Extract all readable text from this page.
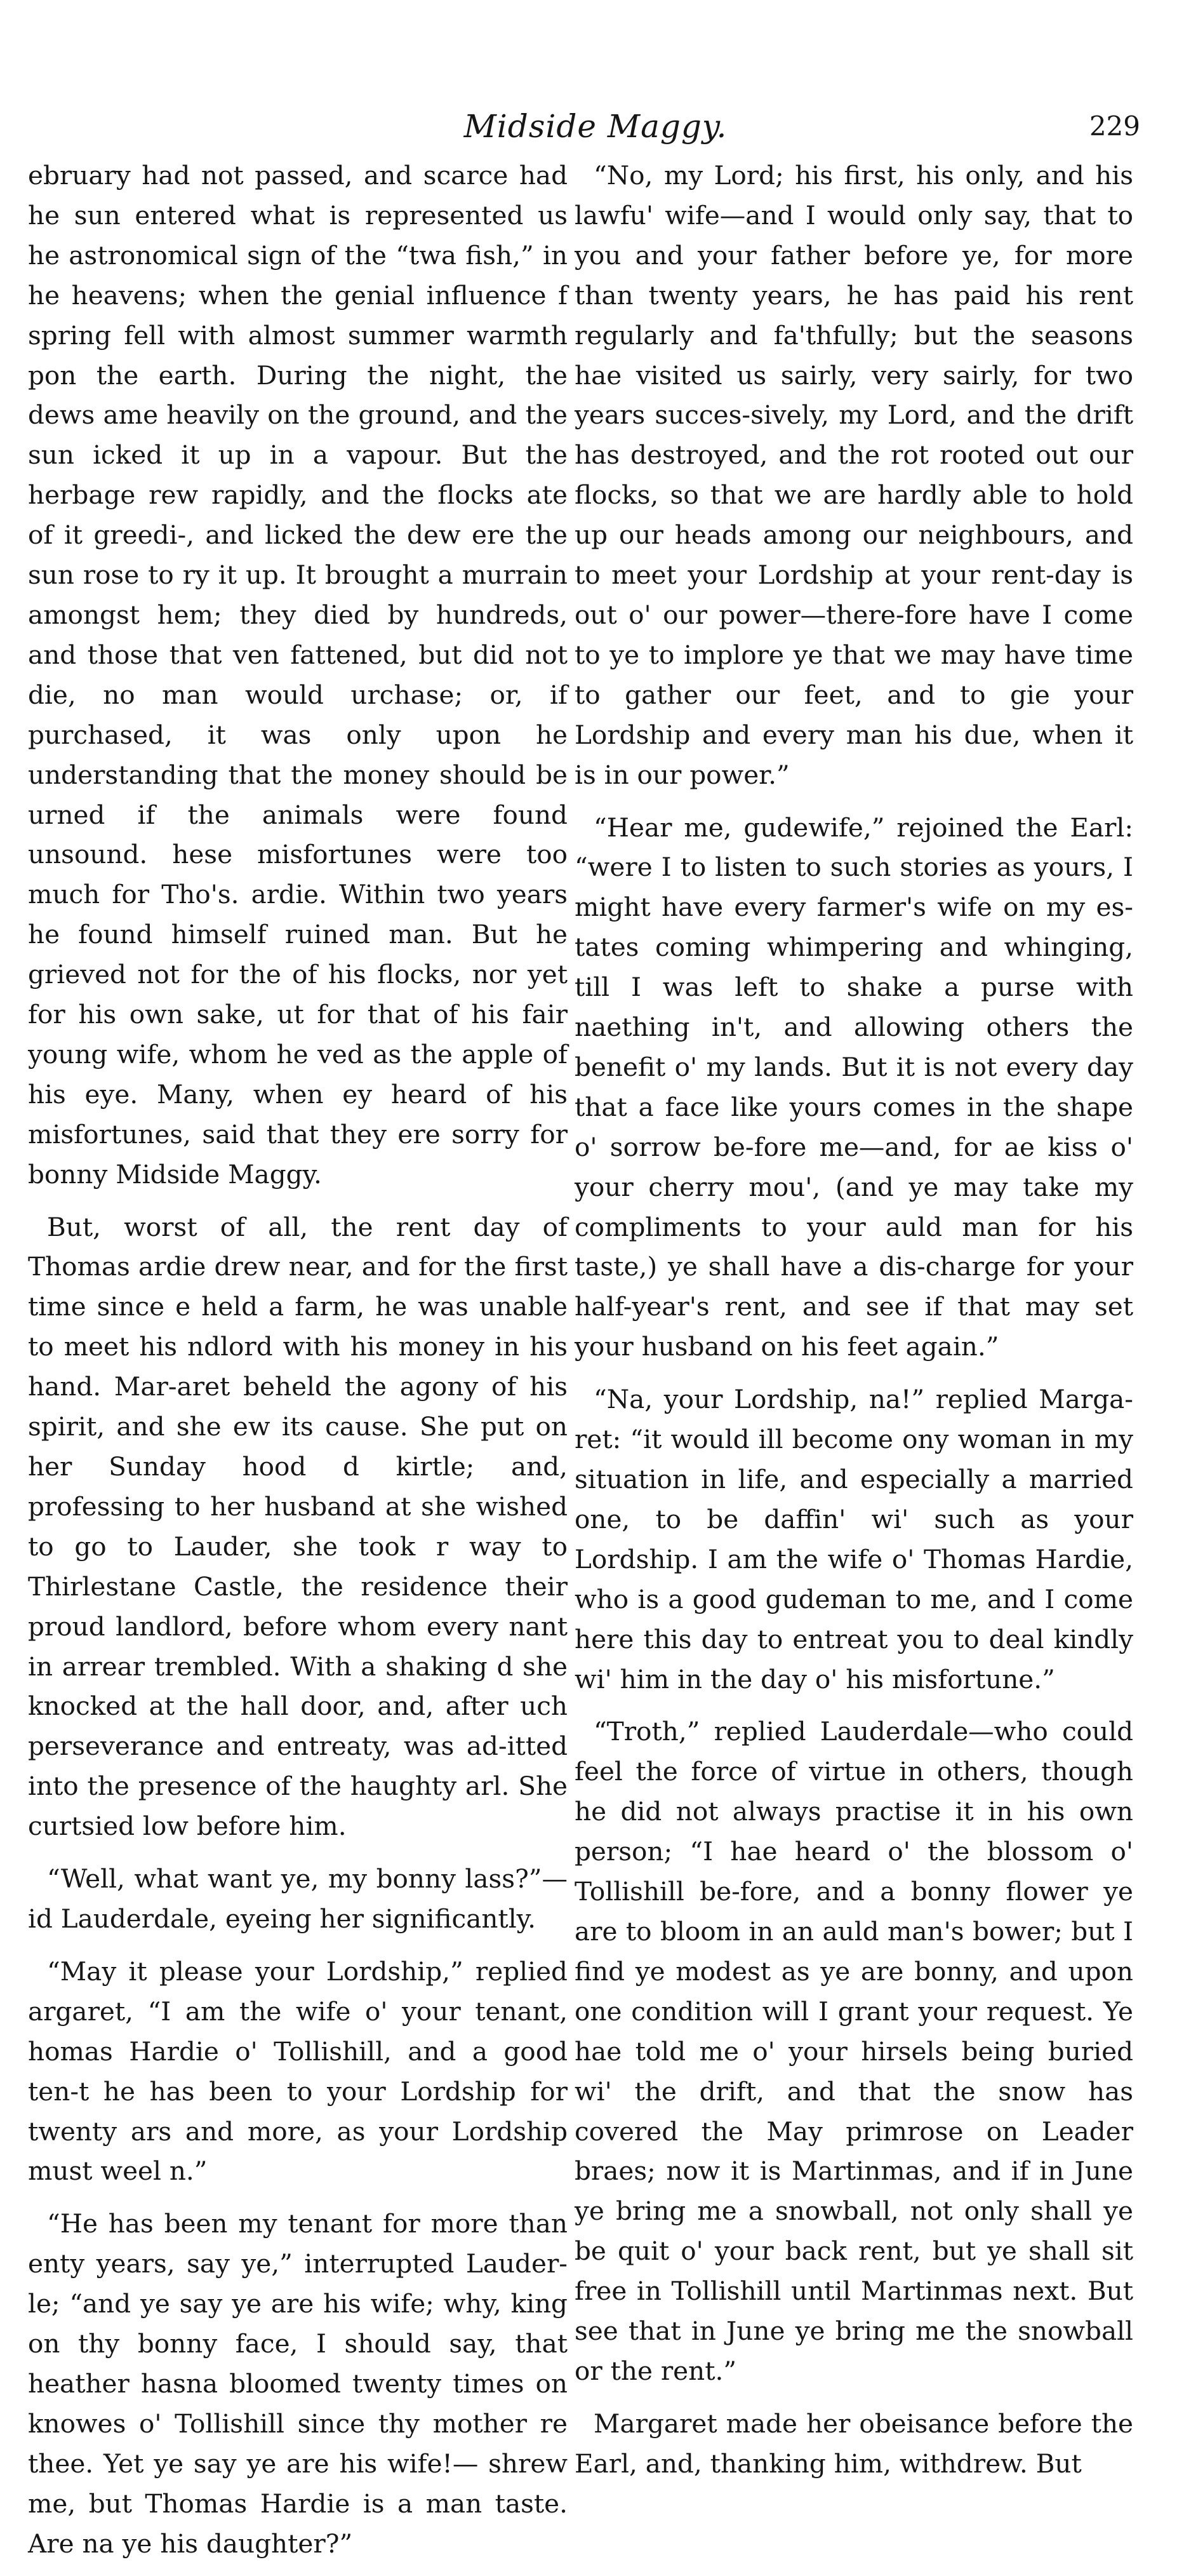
Midside Maggy.	229

ebruary had not passed, and scarce had he sun entered what is represented us he astronomical sign of the “twa fish,” in he heavens; when the genial influence f spring fell with almost summer warmth pon the earth. During the night, the dews ame heavily on the ground, and the sun icked it up in a vapour. But the herbage rew rapidly, and the flocks ate of it greedi-, and licked the dew ere the sun rose to ry it up. It brought a murrain amongst hem; they died by hundreds, and those that ven fattened, but did not die, no man would urchase; or, if purchased, it was only upon he understanding that the money should be urned if the animals were found unsound. hese misfortunes were too much for Tho's. ardie. Within two years he found himself ruined man. But he grieved not for the of his flocks, nor yet for his own sake, ut for that of his fair young wife, whom he ved as the apple of his eye. Many, when ey heard of his misfortunes, said that they ere sorry for bonny Midside Maggy.

But, worst of all, the rent day of Thomas ardie drew near, and for the first time since e held a farm, he was unable to meet his ndlord with his money in his hand. Mar-aret beheld the agony of his spirit, and she ew its cause. She put on her Sunday hood d kirtle; and, professing to her husband at she wished to go to Lauder, she took r way to Thirlestane Castle, the residence their proud landlord, before whom every nant in arrear trembled. With a shaking d she knocked at the hall door, and, after uch perseverance and entreaty, was ad-itted into the presence of the haughty arl. She curtsied low before him.

“Well, what want ye, my bonny lass?”— id Lauderdale, eyeing her significantly.

“May it please your Lordship,” replied argaret, “I am the wife o' your tenant, homas Hardie o' Tollishill, and a good ten-t he has been to your Lordship for twenty ars and more, as your Lordship must weel n.”

“He has been my tenant for more than enty years, say ye,” interrupted Lauder-le; “and ye say ye are his wife; why, king on thy bonny face, I should say, that heather hasna bloomed twenty times on knowes o' Tollishill since thy mother re thee. Yet ye say ye are his wife!— shrew me, but Thomas Hardie is a man taste. Are na ye his daughter?”

“No, my Lord; his first, his only, and his lawfu' wife—and I would only say, that to you and your father before ye, for more than twenty years, he has paid his rent regularly and fa'thfully; but the seasons hae visited us sairly, very sairly, for two years succes-sively, my Lord, and the drift has destroyed, and the rot rooted out our flocks, so that we are hardly able to hold up our heads among our neighbours, and to meet your Lordship at your rent-day is out o' our power—there-fore have I come to ye to implore ye that we may have time to gather our feet, and to gie your Lordship and every man his due, when it is in our power.”

“Hear me, gudewife,” rejoined the Earl: “were I to listen to such stories as yours, I might have every farmer's wife on my es-tates coming whimpering and whinging, till I was left to shake a purse with naething in't, and allowing others the benefit o' my lands. But it is not every day that a face like yours comes in the shape o' sorrow be-fore me—and, for ae kiss o' your cherry mou', (and ye may take my compliments to your auld man for his taste,) ye shall have a dis-charge for your half-year's rent, and see if that may set your husband on his feet again.”

“Na, your Lordship, na!” replied Marga-ret: “it would ill become ony woman in my situation in life, and especially a married one, to be daffin' wi' such as your Lordship. I am the wife o' Thomas Hardie, who is a good gudeman to me, and I come here this day to entreat you to deal kindly wi' him in the day o' his misfortune.”

“Troth,” replied Lauderdale—who could feel the force of virtue in others, though he did not always practise it in his own person; “I hae heard o' the blossom o' Tollishill be-fore, and a bonny flower ye are to bloom in an auld man's bower; but I find ye modest as ye are bonny, and upon one condition will I grant your request. Ye hae told me o' your hirsels being buried wi' the drift, and that the snow has covered the May primrose on Leader braes; now it is Martinmas, and if in June ye bring me a snowball, not only shall ye be quit o' your back rent, but ye shall sit free in Tollishill until Martinmas next. But see that in June ye bring me the snowball or the rent.”

Margaret made her obeisance before the Earl, and, thanking him, withdrew. But
